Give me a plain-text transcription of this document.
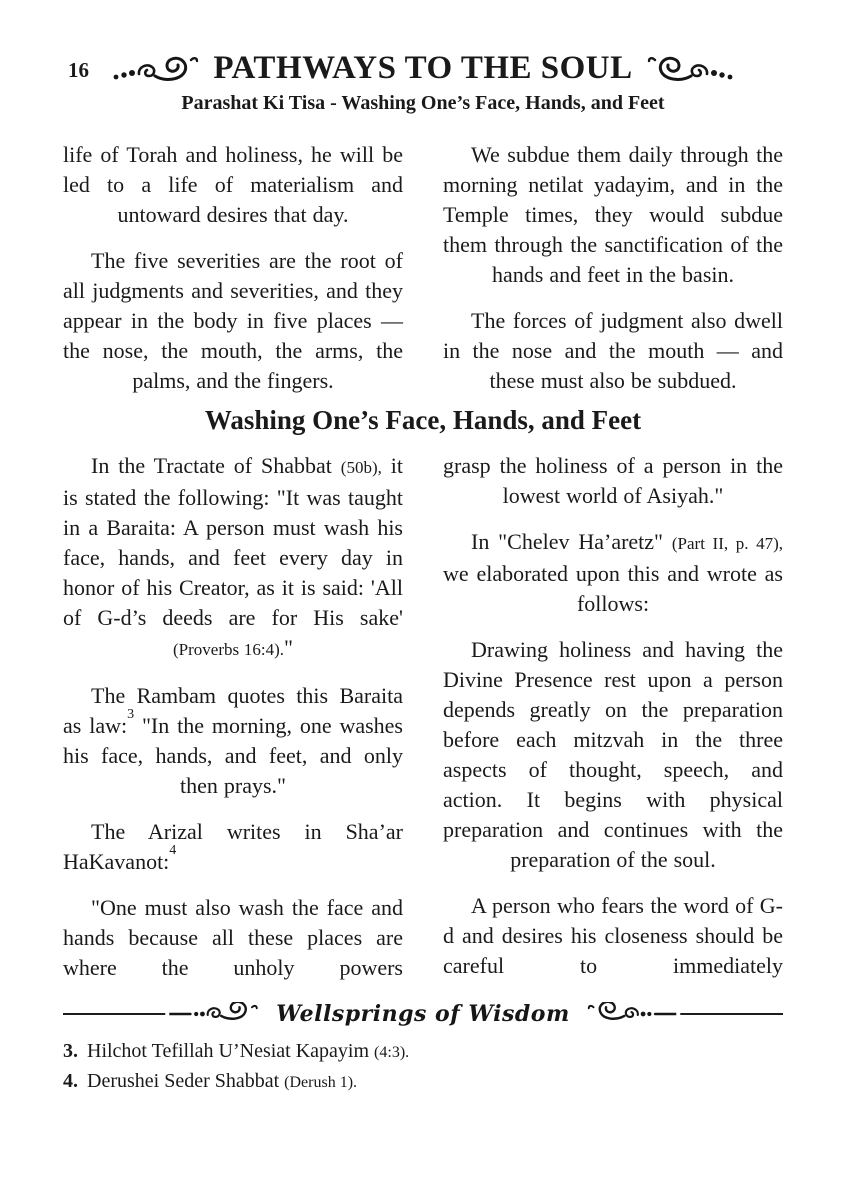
16	PATHWAYS TO THE SOUL
Parashat Ki Tisa - Washing One’s Face, Hands, and Feet

life of Torah and holiness, he will be led to a life of materialism and untoward desires that day.

The five severities are the root of all judgments and severities, and they appear in the body in five places — the nose, the mouth, the arms, the palms, and the fingers.

We subdue them daily through the morning netilat yadayim, and in the Temple times, they would subdue them through the sanctification of the hands and feet in the basin.

The forces of judgment also dwell in the nose and the mouth — and these must also be subdued.

Washing One’s Face, Hands, and Feet

In the Tractate of Shabbat (50b), it is stated the following: "It was taught in a Baraita: A person must wash his face, hands, and feet every day in honor of his Creator, as it is said: 'All of G-d’s deeds are for His sake' (Proverbs 16:4)."

The Rambam quotes this Baraita as law:$^3$ "In the morning, one washes his face, hands, and feet, and only then prays."

The Arizal writes in Sha’ar HaKavanot:$^4$

"One must also wash the face and hands because all these places are where the unholy powers

grasp the holiness of a person in the lowest world of Asiyah."

In "Chelev Ha’aretz" (Part II, p. 47), we elaborated upon this and wrote as follows:

Drawing holiness and having the Divine Presence rest upon a person depends greatly on the preparation before each mitzvah in the three aspects of thought, speech, and action. It begins with physical preparation and continues with the preparation of the soul.

A person who fears the word of G-d and desires his closeness should be careful to immediately

Wellsprings of Wisdom
3. Hilchot Tefillah U’Nesiat Kapayim (4:3).
4. Derushei Seder Shabbat (Derush 1).
